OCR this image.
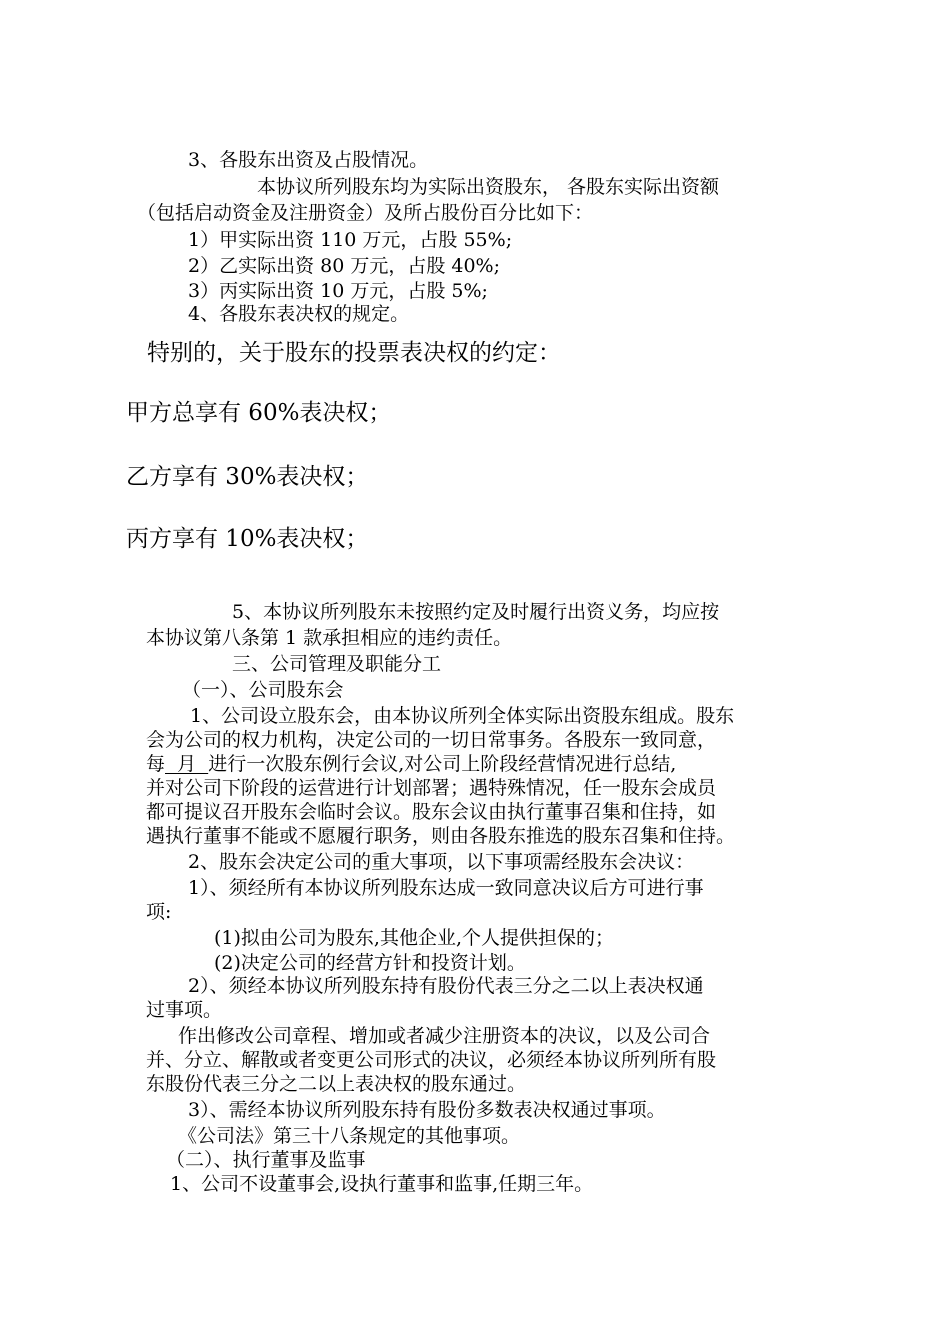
3、各股东出资及占股情况。
本协议所列股东均为实际出资股东， 各股东实际出资额
（包括启动资金及注册资金）及所占股份百分比如下：
1）甲实际出资 110 万元，占股 55%;
2）乙实际出资 80 万元，占股 40%;
3）丙实际出资 10 万元，占股 5%;
4、各股东表决权的规定。
特别的，关于股东的投票表决权的约定：
甲方总享有 60%表决权；
乙方享有 30%表决权；
丙方享有 10%表决权；
5、本协议所列股东未按照约定及时履行出资义务，均应按
本协议第八条第 1 款承担相应的违约责任。
三、公司管理及职能分工
（一）、公司股东会
1、公司设立股东会，由本协议所列全体实际出资股东组成。股东
会为公司的权力机构，决定公司的一切日常事务。各股东一致同意，
每  月  进行一次股东例行会议,对公司上阶段经营情况进行总结,
并对公司下阶段的运营进行计划部署；遇特殊情况，任一股东会成员
都可提议召开股东会临时会议。股东会议由执行董事召集和住持，如
遇执行董事不能或不愿履行职务，则由各股东推选的股东召集和住持。
2、股东会决定公司的重大事项，以下事项需经股东会决议：
1）、须经所有本协议所列股东达成一致同意决议后方可进行事
项:
(1)拟由公司为股东,其他企业,个人提供担保的；
(2)决定公司的经营方针和投资计划。
2）、须经本协议所列股东持有股份代表三分之二以上表决权通
过事项。
作出修改公司章程、增加或者减少注册资本的决议，以及公司合
并、分立、解散或者变更公司形式的决议，必须经本协议所列所有股
东股份代表三分之二以上表决权的股东通过。
3）、需经本协议所列股东持有股份多数表决权通过事项。
《公司法》第三十八条规定的其他事项。
（二）、执行董事及监事
1、公司不设董事会,设执行董事和监事,任期三年。
